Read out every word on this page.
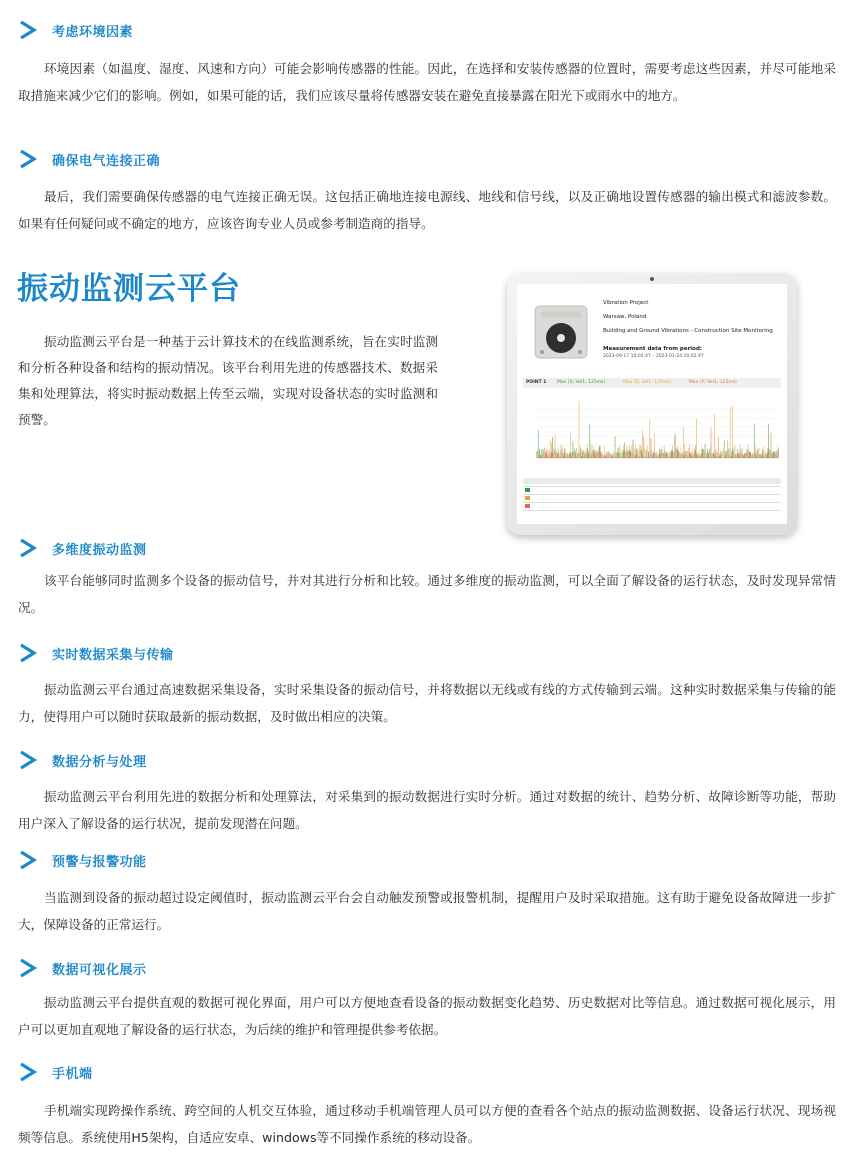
考虑环境因素
环境因素（如温度、湿度、风速和方向）可能会影响传感器的性能。因此，在选择和安装传感器的位置时，需要考虑这些因素，并尽可能地采取措施来减少它们的影响。例如，如果可能的话，我们应该尽量将传感器安装在避免直接暴露在阳光下或雨水中的地方。
确保电气连接正确
最后，我们需要确保传感器的电气连接正确无误。这包括正确地连接电源线、地线和信号线，以及正确地设置传感器的输出模式和滤波参数。如果有任何疑问或不确定的地方，应该咨询专业人员或参考制造商的指导。
振动监测云平台
振动监测云平台是一种基于云计算技术的在线监测系统，旨在实时监测和分析各种设备和结构的振动情况。该平台利用先进的传感器技术、数据采集和处理算法，将实时振动数据上传至云端，实现对设备状态的实时监测和预警。
Vibration Project
Warsaw, Poland
Building and Ground Vibrations - Construction Site Monitoring
Measurement data from period:
2023-09-17 10:02:47 – 2023-01-24 10:02:47
POINT 1 Max (X; Vel1; 125ms)	Max (Z; Vel1; 125ms)	Max (Y; Vel1; 125ms)
多维度振动监测
该平台能够同时监测多个设备的振动信号，并对其进行分析和比较。通过多维度的振动监测，可以全面了解设备的运行状态，及时发现异常情况。
实时数据采集与传输
振动监测云平台通过高速数据采集设备，实时采集设备的振动信号，并将数据以无线或有线的方式传输到云端。这种实时数据采集与传输的能力，使得用户可以随时获取最新的振动数据，及时做出相应的决策。
数据分析与处理
振动监测云平台利用先进的数据分析和处理算法，对采集到的振动数据进行实时分析。通过对数据的统计、趋势分析、故障诊断等功能，帮助用户深入了解设备的运行状况，提前发现潜在问题。
预警与报警功能
当监测到设备的振动超过设定阈值时，振动监测云平台会自动触发预警或报警机制，提醒用户及时采取措施。这有助于避免设备故障进一步扩大，保障设备的正常运行。
数据可视化展示
振动监测云平台提供直观的数据可视化界面，用户可以方便地查看设备的振动数据变化趋势、历史数据对比等信息。通过数据可视化展示，用户可以更加直观地了解设备的运行状态，为后续的维护和管理提供参考依据。
手机端
手机端实现跨操作系统、跨空间的人机交互体验，通过移动手机端管理人员可以方便的查看各个站点的振动监测数据、设备运行状况、现场视频等信息。系统使用H5架构，自适应安卓、windows等不同操作系统的移动设备。
